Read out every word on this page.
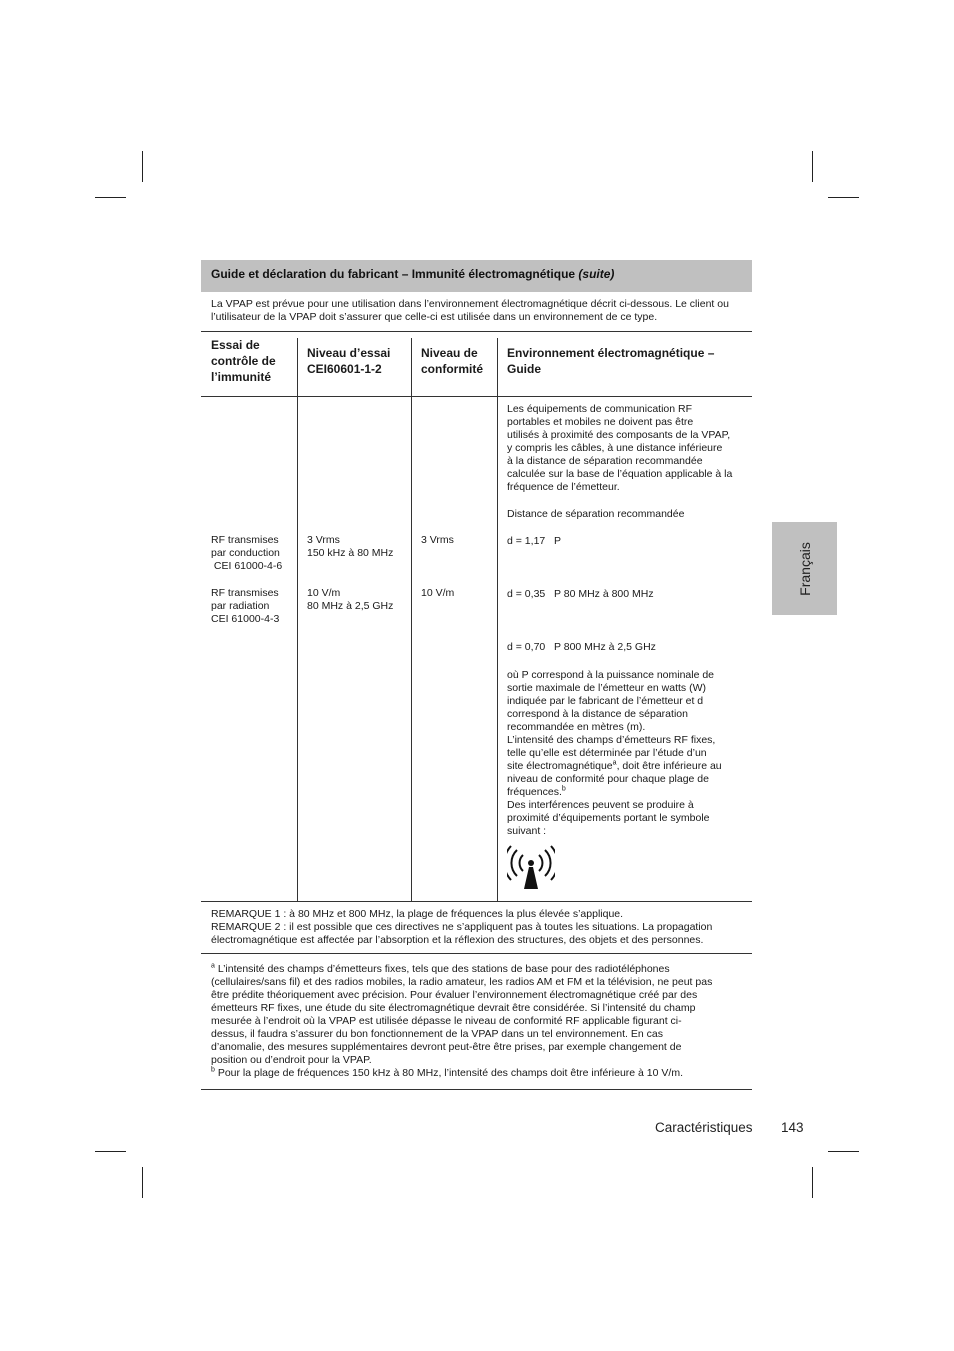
Guide et déclaration du fabricant – Immunité électromagnétique (suite)
La VPAP est prévue pour une utilisation dans l’environnement électromagnétique décrit ci-dessous. Le client ou l’utilisateur de la VPAP doit s’assurer que celle-ci est utilisée dans un environnement de ce type.
Essai de contrôle de l’immunité
Niveau d’essai CEI60601-1-2
Niveau de conformité
Environnement électromagnétique – Guide
RF transmises
par conduction
CEI 61000-4-6
3 Vrms
150 kHz à 80 MHz
3 Vrms
RF transmises
par radiation
CEI 61000-4-3
10 V/m
80 MHz à 2,5 GHz
10 V/m

Les équipements de communication RF
portables et mobiles ne doivent pas être
utilisés à proximité des composants de la VPAP,
y compris les câbles, à une distance inférieure
à la distance de séparation recommandée
calculée sur la base de l’équation applicable à la
fréquence de l’émetteur.

Distance de séparation recommandée

d = 1,17   P

d = 0,35   P 80 MHz à 800 MHz

d = 0,70   P 800 MHz à 2,5 GHz

où P correspond à la puissance nominale de
sortie maximale de l’émetteur en watts (W)
indiquée par le fabricant de l’émetteur et d
correspond à la distance de séparation
recommandée en mètres (m).

L’intensité des champs d’émetteurs RF fixes,
telle qu’elle est déterminée par l’étude d’un
site électromagnétique$^a$, doit être inférieure au
niveau de conformité pour chaque plage de
fréquences.$^b$

Des interférences peuvent se produire à
proximité d’équipements portant le symbole
suivant :

REMARQUE 1 : à 80 MHz et 800 MHz, la plage de fréquences la plus élevée s’applique.
REMARQUE 2 : il est possible que ces directives ne s’appliquent pas à toutes les situations. La propagation
électromagnétique est affectée par l’absorption et la réflexion des structures, des objets et des personnes.
$^a$ L’intensité des champs d’émetteurs fixes, tels que des stations de base pour des radiotéléphones
(cellulaires/sans fil) et des radios mobiles, la radio amateur, les radios AM et FM et la télévision, ne peut pas
être prédite théoriquement avec précision. Pour évaluer l’environnement électromagnétique créé par des
émetteurs RF fixes, une étude du site électromagnétique devrait être considérée. Si l’intensité du champ
mesurée à l’endroit où la VPAP est utilisée dépasse le niveau de conformité RF applicable figurant ci-
dessus, il faudra s’assurer du bon fonctionnement de la VPAP dans un tel environnement. En cas
d’anomalie, des mesures supplémentaires devront peut-être être prises, par exemple changement de
position ou d’endroit pour la VPAP.
$^b$ Pour la plage de fréquences 150 kHz à 80 MHz, l’intensité des champs doit être inférieure à 10 V/m.
Français
Caractéristiques 143
